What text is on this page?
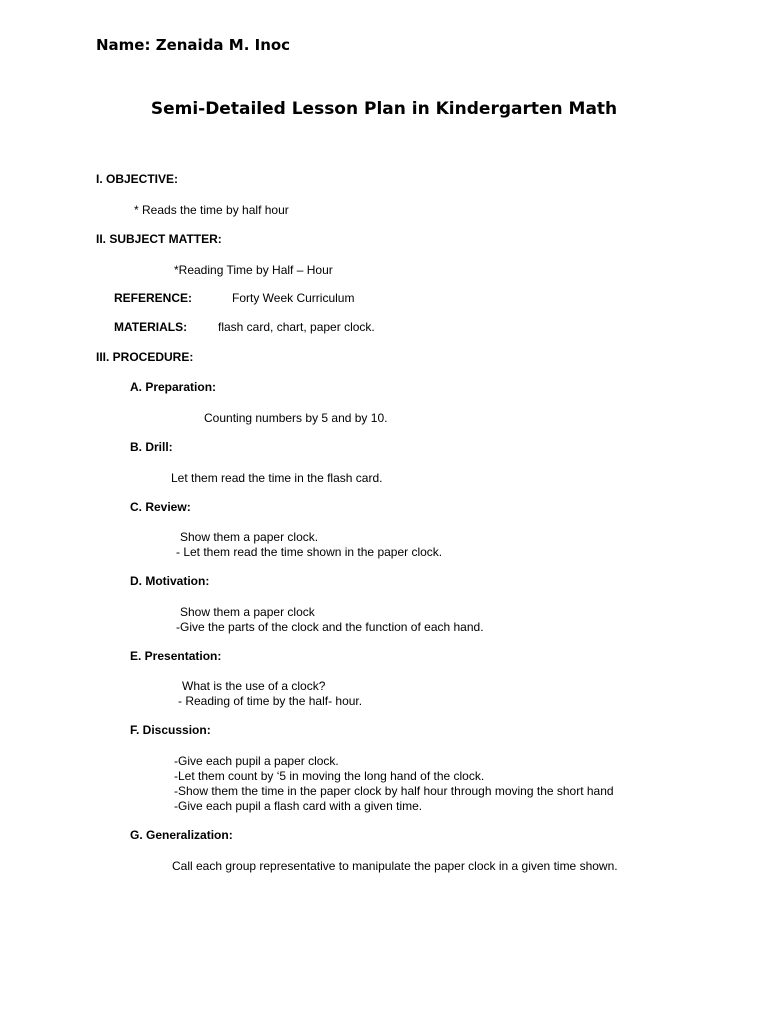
Name: Zenaida M. Inoc
Semi-Detailed Lesson Plan in Kindergarten Math
I. OBJECTIVE:
* Reads the time by half hour
II. SUBJECT MATTER:
*Reading Time by Half – Hour
REFERENCE:	Forty Week Curriculum
MATERIALS:	flash card, chart, paper clock.
III. PROCEDURE:
A. Preparation:
Counting numbers by 5 and by 10.
B. Drill:
Let them read the time in the flash card.
C. Review:
Show them a paper clock.
- Let them read the time shown in the paper clock.
D. Motivation:
Show them a paper clock
-Give the parts of the clock and the function of each hand.
E. Presentation:
What is the use of a clock?
- Reading of time by the half- hour.
F. Discussion:
-Give each pupil a paper clock.
-Let them count by ‘5 in moving the long hand of the clock.
-Show them the time in the paper clock by half hour through moving the short hand
-Give each pupil a flash card with a given time.
G. Generalization:
Call each group representative to manipulate the paper clock in a given time shown.
